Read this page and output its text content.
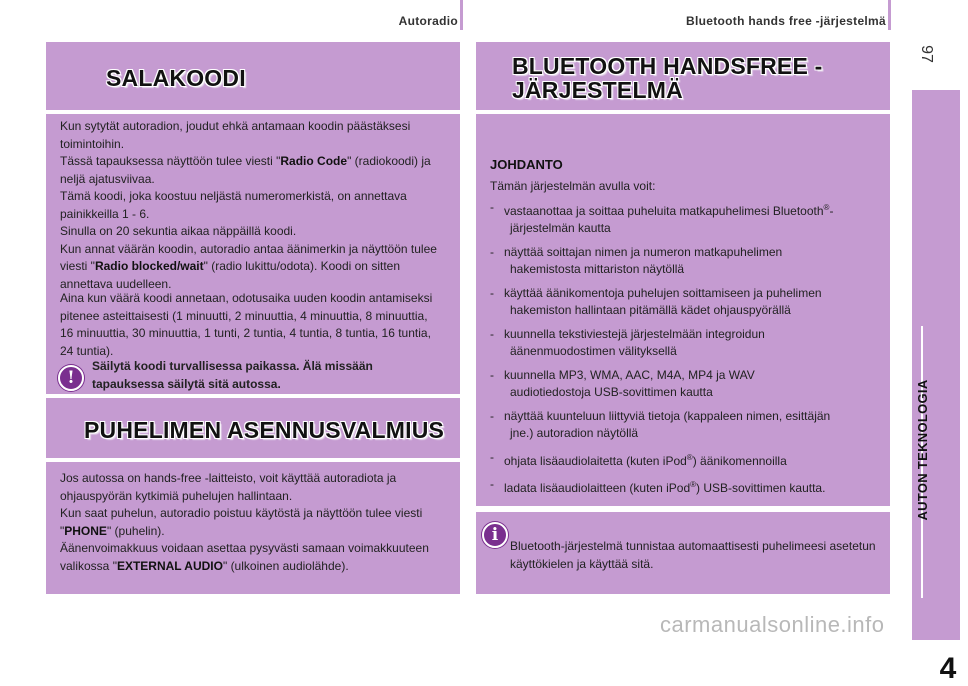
Autoradio	Bluetooth hands free -järjestelmä
97
AUTON TEKNOLOGIA
4
SALAKOODI

Kun sytytät autoradion, joudut ehkä antamaan koodin päästäksesi toimintoihin.

Tässä tapauksessa näyttöön tulee viesti "Radio Code" (radiokoodi) ja neljä ajatusviivaa.

Tämä koodi, joka koostuu neljästä numeromerkistä, on annettava painikkeilla 1 - 6.

Sinulla on 20 sekuntia aikaa näppäillä koodi.

Kun annat väärän koodin, autoradio antaa äänimerkin ja näyttöön tulee viesti "Radio blocked/wait" (radio lukittu/odota). Koodi on sitten annettava uudelleen.

Aina kun väärä koodi annetaan, odotusaika uuden koodin antamiseksi pitenee asteittaisesti (1 minuutti, 2 minuuttia, 4 minuuttia, 8 minuuttia, 16 minuuttia, 30 minuuttia, 1 tunti, 2 tuntia, 4 tuntia, 8 tuntia, 16 tuntia, 24 tuntia).
!
Säilytä koodi turvallisessa paikassa. Älä missään tapauksessa säilytä sitä autossa.
PUHELIMEN ASENNUSVALMIUS

Jos autossa on hands-free -laitteisto, voit käyttää autoradiota ja ohjauspyörän kytkimiä puhelujen hallintaan.

Kun saat puhelun, autoradio poistuu käytöstä ja näyttöön tulee viesti "PHONE" (puhelin).

Äänenvoimakkuus voidaan asettaa pysyvästi samaan voimakkuuteen valikossa "EXTERNAL AUDIO" (ulkoinen audiolähde).

BLUETOOTH HANDSFREE -
JÄRJESTELMÄ
JOHDANTO

Tämän järjestelmän avulla voit:

- vastaanottaa ja soittaa puheluita matkapuhelimesi Bluetooth®-
järjestelmän kautta
- näyttää soittajan nimen ja numeron matkapuhelimen
hakemistosta mittariston näytöllä
- käyttää äänikomentoja puhelujen soittamiseen ja puhelimen
hakemiston hallintaan pitämällä kädet ohjauspyörällä
- kuunnella tekstiviestejä järjestelmään integroidun
äänenmuodostimen välityksellä
- kuunnella MP3, WMA, AAC, M4A, MP4 ja WAV
audiotiedostoja USB-sovittimen kautta
- näyttää kuunteluun liittyviä tietoja (kappaleen nimen, esittäjän
jne.) autoradion näytöllä
- ohjata lisäaudiolaitetta (kuten iPod®) äänikomennoilla
- ladata lisäaudiolaitteen (kuten iPod®) USB-sovittimen kautta.
i
Bluetooth-järjestelmä tunnistaa automaattisesti puhelimeesi asetetun käyttökielen ja käyttää sitä.
carmanualsonline.info
